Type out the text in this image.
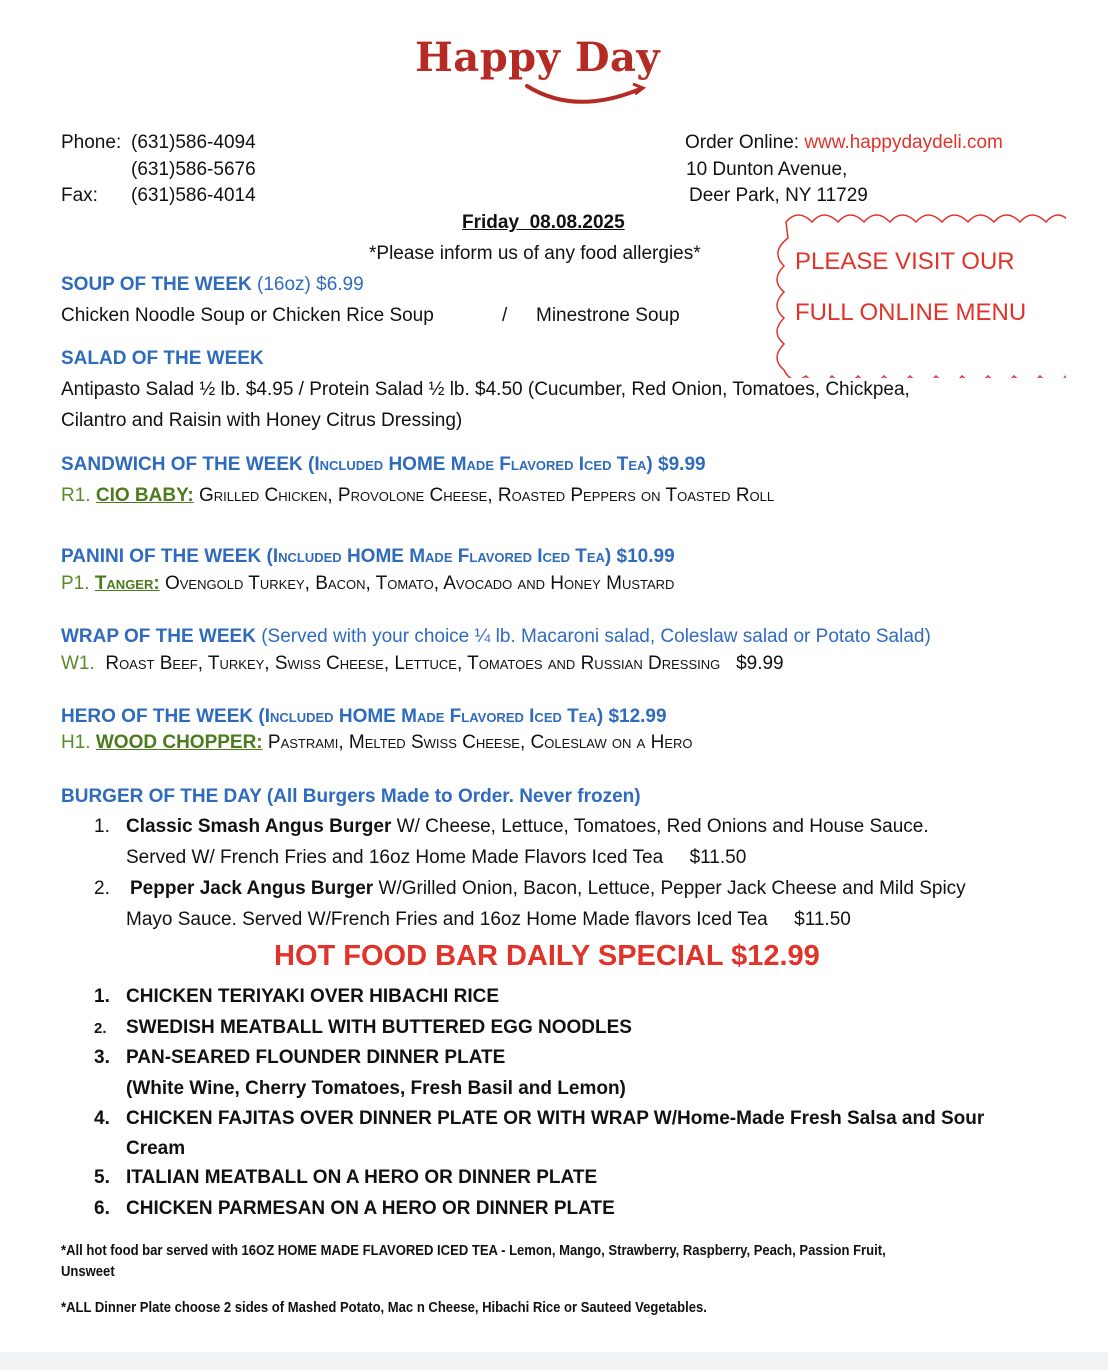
Happy Day
Phone: (631)586-4094
(631)586-5676
Fax: (631)586-4014
Order Online: www.happydaydeli.com
10 Dunton Avenue,
Deer Park, NY 11729
Friday  08.08.2025
*Please inform us of any food allergies*	PLEASE VISIT OUR
FULL ONLINE MENU
SOUP OF THE WEEK (16oz) $6.99
Chicken Noodle Soup or Chicken Rice Soup	/ Minestrone Soup
SALAD OF THE WEEK
Antipasto Salad ½ lb. $4.95 / Protein Salad ½ lb. $4.50 (Cucumber, Red Onion, Tomatoes, Chickpea,
Cilantro and Raisin with Honey Citrus Dressing)
SANDWICH OF THE WEEK (Included HOME Made Flavored Iced Tea) $9.99
R1. CIO BABY: Grilled Chicken, Provolone Cheese, Roasted Peppers on Toasted Roll
PANINI OF THE WEEK (Included HOME Made Flavored Iced Tea) $10.99
P1. Tanger: Ovengold Turkey, Bacon, Tomato, Avocado and Honey Mustard
WRAP OF THE WEEK (Served with your choice ¼ lb. Macaroni salad, Coleslaw salad or Potato Salad)
W1. Roast Beef, Turkey, Swiss Cheese, Lettuce, Tomatoes and Russian Dressing $9.99
HERO OF THE WEEK (Included HOME Made Flavored Iced Tea) $12.99
H1. WOOD CHOPPER: Pastrami, Melted Swiss Cheese, Coleslaw on a Hero
BURGER OF THE DAY (All Burgers Made to Order. Never frozen)
1. Classic Smash Angus Burger W/ Cheese, Lettuce, Tomatoes, Red Onions and House Sauce.
Served W/ French Fries and 16oz Home Made Flavors Iced Tea $11.50
2. Pepper Jack Angus Burger W/Grilled Onion, Bacon, Lettuce, Pepper Jack Cheese and Mild Spicy
Mayo Sauce. Served W/French Fries and 16oz Home Made flavors Iced Tea $11.50
HOT FOOD BAR DAILY SPECIAL $12.99
1. CHICKEN TERIYAKI OVER HIBACHI RICE
2. SWEDISH MEATBALL WITH BUTTERED EGG NOODLES
3. PAN-SEARED FLOUNDER DINNER PLATE
(White Wine, Cherry Tomatoes, Fresh Basil and Lemon)
4. CHICKEN FAJITAS OVER DINNER PLATE OR WITH WRAP W/Home-Made Fresh Salsa and Sour
Cream
5. ITALIAN MEATBALL ON A HERO OR DINNER PLATE
6. CHICKEN PARMESAN ON A HERO OR DINNER PLATE
*All hot food bar served with 16OZ HOME MADE FLAVORED ICED TEA - Lemon, Mango, Strawberry, Raspberry, Peach, Passion Fruit,
Unsweet
*ALL Dinner Plate choose 2 sides of Mashed Potato, Mac n Cheese, Hibachi Rice or Sauteed Vegetables.
